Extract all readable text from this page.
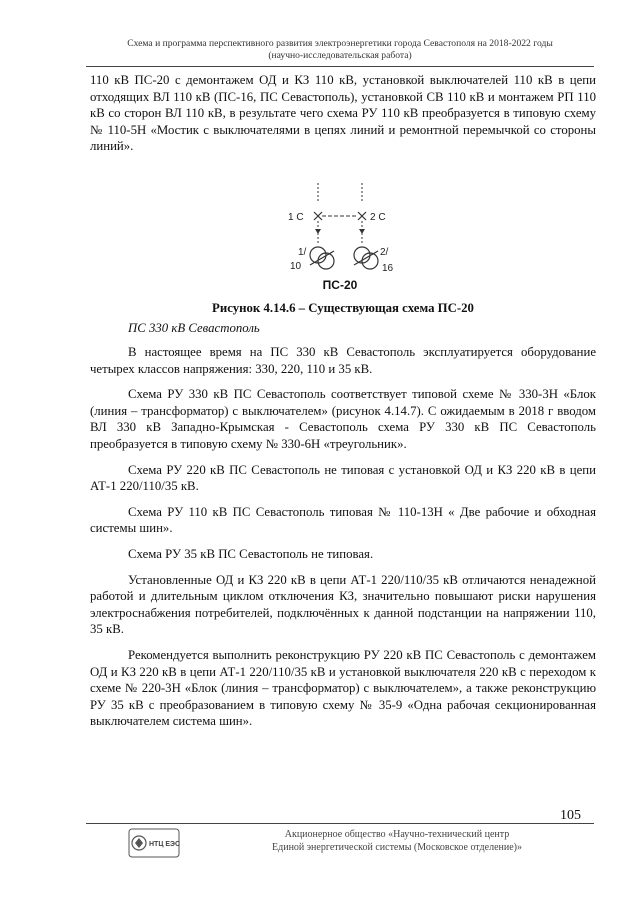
Схема и программа перспективного развития электроэнергетики города Севастополя на 2018-2022 годы
(научно-исследовательская работа)

110 кВ ПС-20 с демонтажем ОД и КЗ 110 кВ, установкой выключателей 110 кВ в цепи отходящих ВЛ 110 кВ (ПС-16, ПС Севастополь), установкой СВ 110 кВ и монтажем РП 110 кВ со сторон ВЛ 110 кВ, в результате чего схема РУ 110 кВ преобразуется в типовую схему № 110-5Н «Мостик с выключателями в цепях линий и ремонтной перемычкой со стороны линий».

1 С	2 С
1/
10
2/
16
ПС-20
Рисунок 4.14.6 – Существующая схема ПС-20
ПС 330 кВ Севастополь

В настоящее время на ПС 330 кВ Севастополь эксплуатируется оборудование четырех классов напряжения: 330, 220, 110 и 35 кВ.

Схема РУ 330 кВ ПС Севастополь соответствует типовой схеме № 330-3Н «Блок (линия – трансформатор) с выключателем» (рисунок 4.14.7). С ожидаемым в 2018 г вводом ВЛ 330 кВ Западно-Крымская - Севастополь схема РУ 330 кВ ПС Севастополь преобразуется в типовую схему № 330-6Н «треугольник».

Схема РУ 220 кВ ПС Севастополь не типовая с установкой ОД и КЗ 220 кВ в цепи АТ-1 220/110/35 кВ.

Схема РУ 110 кВ ПС Севастополь типовая № 110-13Н « Две рабочие и обходная системы шин».

Схема РУ 35 кВ ПС Севастополь не типовая.

Установленные ОД и КЗ 220 кВ в цепи АТ-1 220/110/35 кВ отличаются ненадежной работой и длительным циклом отключения КЗ, значительно повышают риски нарушения электроснабжения потребителей, подключённых к данной подстанции на напряжении 110, 35 кВ.

Рекомендуется выполнить реконструкцию РУ 220 кВ ПС Севастополь с демонтажем ОД и КЗ 220 кВ в цепи АТ-1 220/110/35 кВ и установкой выключателя 220 кВ с переходом к схеме № 220-3Н «Блок (линия – трансформатор) с выключателем», а также реконструкцию РУ 35 кВ с преобразованием в типовую схему № 35-9 «Одна рабочая секционированная выключателем система шин».

105
НТЦ ЕЭС
Акционерное общество «Научно-технический центр
Единой энергетической системы (Московское отделение)»
